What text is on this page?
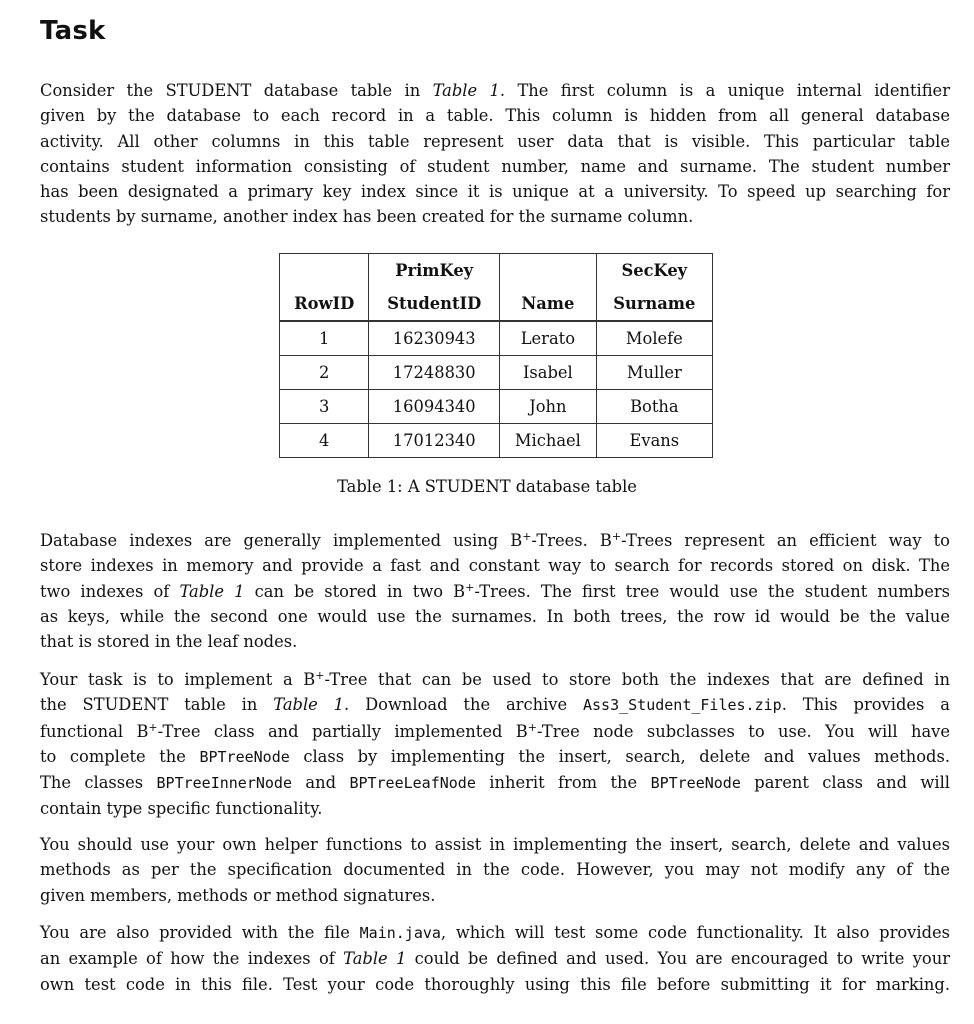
Task
Consider the STUDENT database table in Table 1. The first column is a unique internal identifier
given by the database to each record in a table. This column is hidden from all general database
activity. All other columns in this table represent user data that is visible. This particular table
contains student information consisting of student number, name and surname. The student number
has been designated a primary key index since it is unique at a university. To speed up searching for
students by surname, another index has been created for the surname column.
	PrimKey		SecKey
RowID	StudentID	Name	Surname
1	16230943	Lerato	Molefe
2	17248830	Isabel	Muller
3	16094340	John	Botha
4	17012340	Michael	Evans
Table 1: A STUDENT database table
Database indexes are generally implemented using B+-Trees. B+-Trees represent an efficient way to
store indexes in memory and provide a fast and constant way to search for records stored on disk. The
two indexes of Table 1 can be stored in two B+-Trees. The first tree would use the student numbers
as keys, while the second one would use the surnames. In both trees, the row id would be the value
that is stored in the leaf nodes.
Your task is to implement a B+-Tree that can be used to store both the indexes that are defined in
the STUDENT table in Table 1. Download the archive Ass3_Student_Files.zip. This provides a
functional B+-Tree class and partially implemented B+-Tree node subclasses to use. You will have
to complete the BPTreeNode class by implementing the insert, search, delete and values methods.
The classes BPTreeInnerNode and BPTreeLeafNode inherit from the BPTreeNode parent class and will
contain type specific functionality.
You should use your own helper functions to assist in implementing the insert, search, delete and values
methods as per the specification documented in the code. However, you may not modify any of the
given members, methods or method signatures.
You are also provided with the file Main.java, which will test some code functionality. It also provides
an example of how the indexes of Table 1 could be defined and used. You are encouraged to write your
own test code in this file. Test your code thoroughly using this file before submitting it for marking.
